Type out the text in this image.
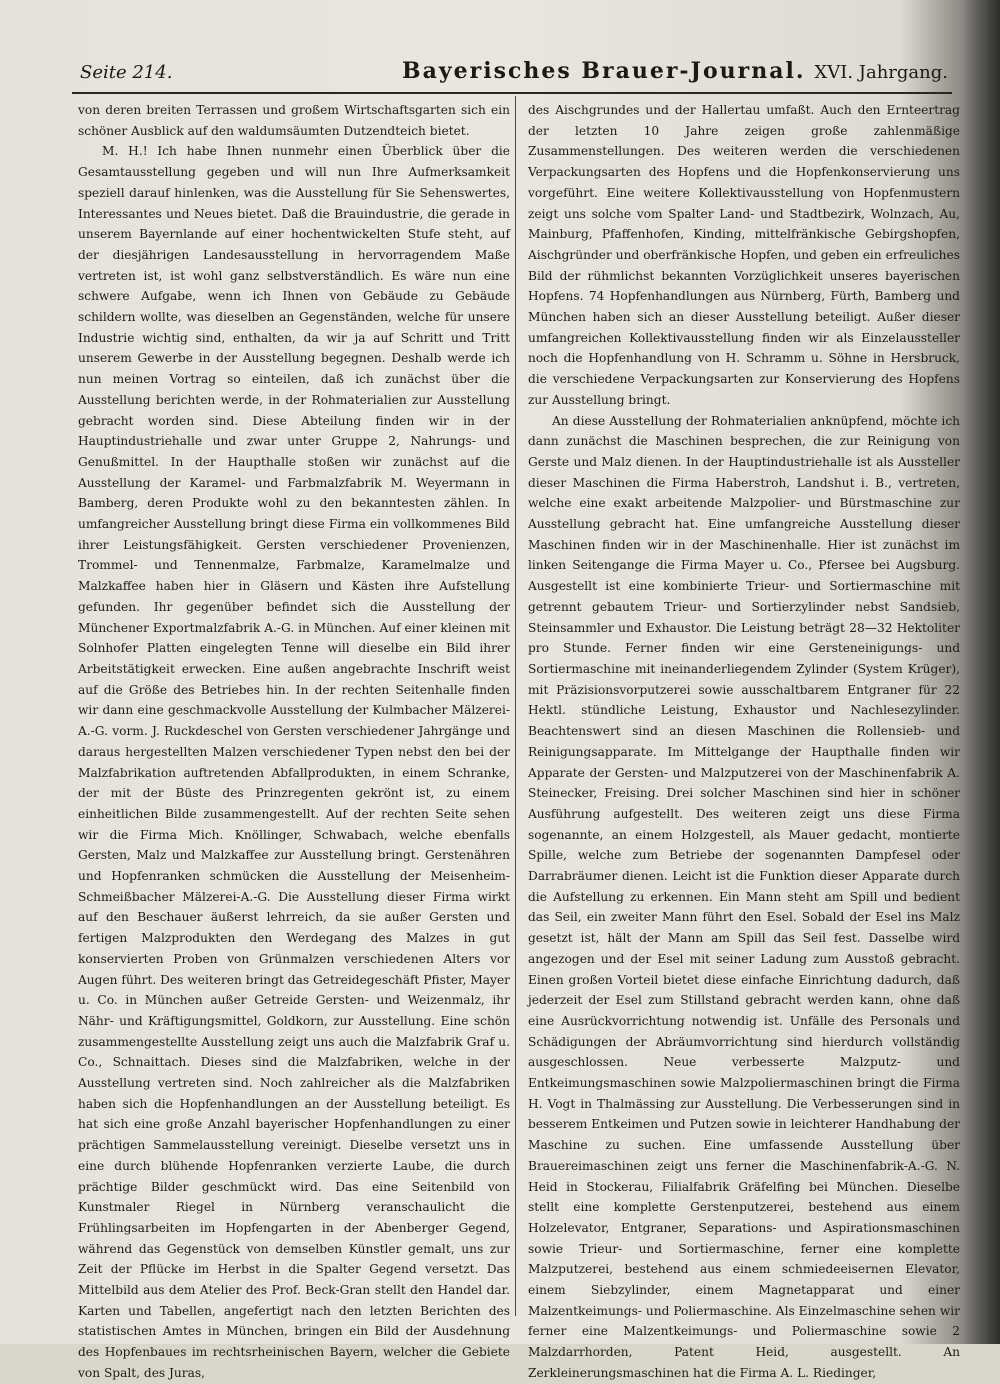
Seite 214.	Bayerisches Brauer-Journal. XVI. Jahrgang.

von deren breiten Terrassen und großem Wirtschaftsgarten sich ein schöner Ausblick auf den waldumsäumten Dutzendteich bietet.

M. H.! Ich habe Ihnen nunmehr einen Überblick über die Gesamtausstellung gegeben und will nun Ihre Aufmerksamkeit speziell darauf hinlenken, was die Ausstellung für Sie Sehenswertes, Interessantes und Neues bietet. Daß die Brauindustrie, die gerade in unserem Bayernlande auf einer hochentwickelten Stufe steht, auf der diesjährigen Landesausstellung in hervorragendem Maße vertreten ist, ist wohl ganz selbstverständlich. Es wäre nun eine schwere Aufgabe, wenn ich Ihnen von Gebäude zu Gebäude schildern wollte, was dieselben an Gegenständen, welche für unsere Industrie wichtig sind, enthalten, da wir ja auf Schritt und Tritt unserem Gewerbe in der Ausstellung begegnen. Deshalb werde ich nun meinen Vortrag so einteilen, daß ich zunächst über die Ausstellung berichten werde, in der Rohmaterialien zur Ausstellung gebracht worden sind. Diese Abteilung finden wir in der Hauptindustriehalle und zwar unter Gruppe 2, Nahrungs- und Genußmittel. In der Haupthalle stoßen wir zunächst auf die Ausstellung der Karamel- und Farbmalzfabrik M. Weyermann in Bamberg, deren Produkte wohl zu den bekanntesten zählen. In umfangreicher Ausstellung bringt diese Firma ein vollkommenes Bild ihrer Leistungsfähigkeit. Gersten verschiedener Provenienzen, Trommel- und Tennenmalze, Farbmalze, Karamelmalze und Malzkaffee haben hier in Gläsern und Kästen ihre Aufstellung gefunden. Ihr gegenüber befindet sich die Ausstellung der Münchener Exportmalzfabrik A.-G. in München. Auf einer kleinen mit Solnhofer Platten eingelegten Tenne will dieselbe ein Bild ihrer Arbeitstätigkeit erwecken. Eine außen angebrachte Inschrift weist auf die Größe des Betriebes hin. In der rechten Seitenhalle finden wir dann eine geschmackvolle Ausstellung der Kulmbacher Mälzerei-A.-G. vorm. J. Ruckdeschel von Gersten verschiedener Jahrgänge und daraus hergestellten Malzen verschiedener Typen nebst den bei der Malzfabrikation auftretenden Abfallprodukten, in einem Schranke, der mit der Büste des Prinzregenten gekrönt ist, zu einem einheitlichen Bilde zusammengestellt. Auf der rechten Seite sehen wir die Firma Mich. Knöllinger, Schwabach, welche ebenfalls Gersten, Malz und Malzkaffee zur Ausstellung bringt. Gerstenähren und Hopfenranken schmücken die Ausstellung der Meisenheim-Schmeißbacher Mälzerei-A.-G. Die Ausstellung dieser Firma wirkt auf den Beschauer äußerst lehrreich, da sie außer Gersten und fertigen Malzprodukten den Werdegang des Malzes in gut konservierten Proben von Grünmalzen verschiedenen Alters vor Augen führt. Des weiteren bringt das Getreidegeschäft Pfister, Mayer u. Co. in München außer Getreide Gersten- und Weizenmalz, ihr Nähr- und Kräftigungsmittel, Goldkorn, zur Ausstellung. Eine schön zusammengestellte Ausstellung zeigt uns auch die Malzfabrik Graf u. Co., Schnaittach. Dieses sind die Malzfabriken, welche in der Ausstellung vertreten sind. Noch zahlreicher als die Malzfabriken haben sich die Hopfenhandlungen an der Ausstellung beteiligt. Es hat sich eine große Anzahl bayerischer Hopfenhandlungen zu einer prächtigen Sammelausstellung vereinigt. Dieselbe versetzt uns in eine durch blühende Hopfenranken verzierte Laube, die durch prächtige Bilder geschmückt wird. Das eine Seitenbild von Kunstmaler Riegel in Nürnberg veranschaulicht die Frühlingsarbeiten im Hopfengarten in der Abenberger Gegend, während das Gegenstück von demselben Künstler gemalt, uns zur Zeit der Pflücke im Herbst in die Spalter Gegend versetzt. Das Mittelbild aus dem Atelier des Prof. Beck-Gran stellt den Handel dar. Karten und Tabellen, angefertigt nach den letzten Berichten des statistischen Amtes in München, bringen ein Bild der Ausdehnung des Hopfenbaues im rechtsrheinischen Bayern, welcher die Gebiete von Spalt, des Juras,

des Aischgrundes und der Hallertau umfaßt. Auch den Ernteertrag der letzten 10 Jahre zeigen große zahlenmäßige Zusammenstellungen. Des weiteren werden die verschiedenen Verpackungsarten des Hopfens und die Hopfenkonservierung uns vorgeführt. Eine weitere Kollektivausstellung von Hopfenmustern zeigt uns solche vom Spalter Land- und Stadtbezirk, Wolnzach, Au, Mainburg, Pfaffenhofen, Kinding, mittelfränkische Gebirgshopfen, Aischgründer und oberfränkische Hopfen, und geben ein erfreuliches Bild der rühmlichst bekannten Vorzüglichkeit unseres bayerischen Hopfens. 74 Hopfenhandlungen aus Nürnberg, Fürth, Bamberg und München haben sich an dieser Ausstellung beteiligt. Außer dieser umfangreichen Kollektivausstellung finden wir als Einzelaussteller noch die Hopfenhandlung von H. Schramm u. Söhne in Hersbruck, die verschiedene Verpackungsarten zur Konservierung des Hopfens zur Ausstellung bringt.

An diese Ausstellung der Rohmaterialien anknüpfend, möchte ich dann zunächst die Maschinen besprechen, die zur Reinigung von Gerste und Malz dienen. In der Hauptindustriehalle ist als Aussteller dieser Maschinen die Firma Haberstroh, Landshut i. B., vertreten, welche eine exakt arbeitende Malzpolier- und Bürstmaschine zur Ausstellung gebracht hat. Eine umfangreiche Ausstellung dieser Maschinen finden wir in der Maschinenhalle. Hier ist zunächst im linken Seitengange die Firma Mayer u. Co., Pfersee bei Augsburg. Ausgestellt ist eine kombinierte Trieur- und Sortiermaschine mit getrennt gebautem Trieur- und Sortierzylinder nebst Sandsieb, Steinsammler und Exhaustor. Die Leistung beträgt 28—32 Hektoliter pro Stunde. Ferner finden wir eine Gersteneinigungs- und Sortiermaschine mit ineinanderliegendem Zylinder (System Krüger), mit Präzisionsvorputzerei sowie ausschaltbarem Entgraner für 22 Hektl. stündliche Leistung, Exhaustor und Nachlesezylinder. Beachtenswert sind an diesen Maschinen die Rollensieb- und Reinigungsapparate. Im Mittelgange der Haupthalle finden wir Apparate der Gersten- und Malzputzerei von der Maschinenfabrik A. Steinecker, Freising. Drei solcher Maschinen sind hier in schöner Ausführung aufgestellt. Des weiteren zeigt uns diese Firma sogenannte, an einem Holzgestell, als Mauer gedacht, montierte Spille, welche zum Betriebe der sogenannten Dampfesel oder Darrabräumer dienen. Leicht ist die Funktion dieser Apparate durch die Aufstellung zu erkennen. Ein Mann steht am Spill und bedient das Seil, ein zweiter Mann führt den Esel. Sobald der Esel ins Malz gesetzt ist, hält der Mann am Spill das Seil fest. Dasselbe wird angezogen und der Esel mit seiner Ladung zum Ausstoß gebracht. Einen großen Vorteil bietet diese einfache Einrichtung dadurch, daß jederzeit der Esel zum Stillstand gebracht werden kann, ohne daß eine Ausrückvorrichtung notwendig ist. Unfälle des Personals und Schädigungen der Abräumvorrichtung sind hierdurch vollständig ausgeschlossen. Neue verbesserte Malzputz- und Entkeimungsmaschinen sowie Malzpoliermaschinen bringt die Firma H. Vogt in Thalmässing zur Ausstellung. Die Verbesserungen sind in besserem Entkeimen und Putzen sowie in leichterer Handhabung der Maschine zu suchen. Eine umfassende Ausstellung über Brauereimaschinen zeigt uns ferner die Maschinenfabrik-A.-G. N. Heid in Stockerau, Filialfabrik Gräfelfing bei München. Dieselbe stellt eine komplette Gerstenputzerei, bestehend aus einem Holzelevator, Entgraner, Separations- und Aspirationsmaschinen sowie Trieur- und Sortiermaschine, ferner eine komplette Malzputzerei, bestehend aus einem schmiedeeisernen Elevator, einem Siebzylinder, einem Magnetapparat und einer Malzentkeimungs- und Poliermaschine. Als Einzelmaschine sehen wir ferner eine Malzentkeimungs- und Poliermaschine sowie 2 Malzdarrhorden, Patent Heid, ausgestellt. An Zerkleinerungsmaschinen hat die Firma A. L. Riedinger,
